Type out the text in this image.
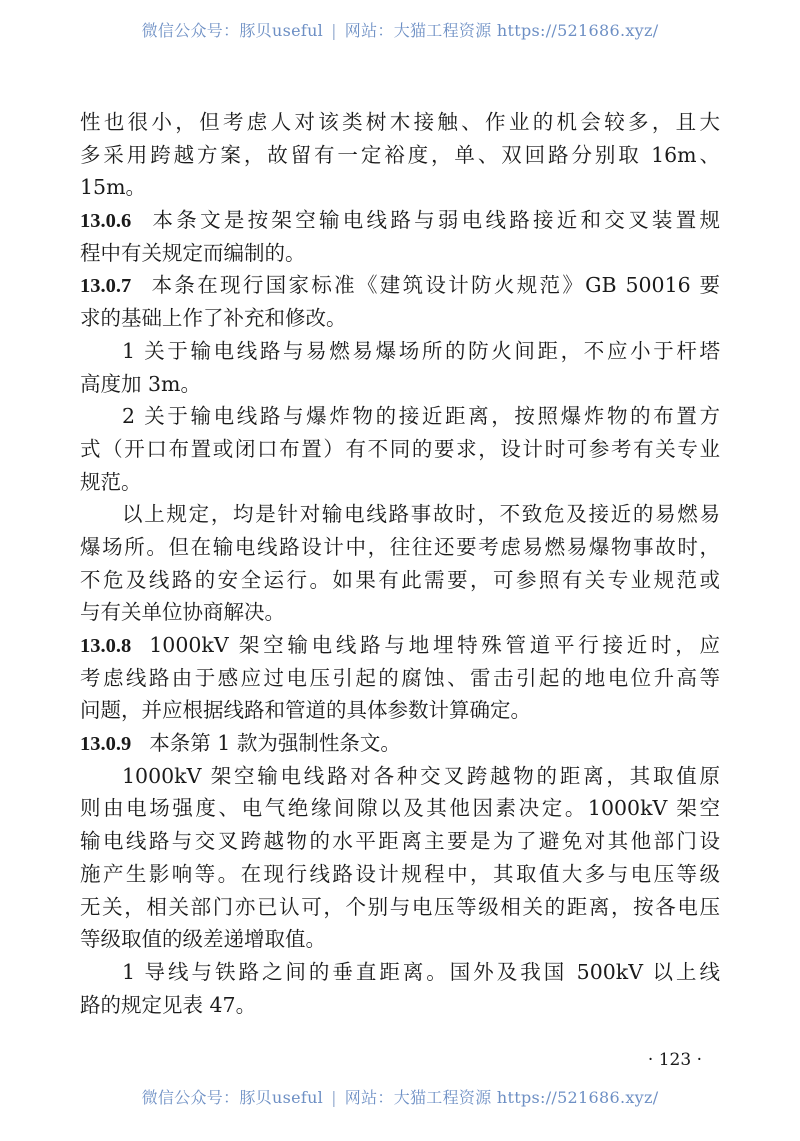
微信公众号：豚贝useful | 网站：大猫工程资源 https://521686.xyz/
性也很小，但考虑人对该类树木接触、作业的机会较多，且大
多采用跨越方案，故留有一定裕度，单、双回路分别取 16m、
15m。
13.0.6 本条文是按架空输电线路与弱电线路接近和交叉装置规
程中有关规定而编制的。
13.0.7 本条在现行国家标准《建筑设计防火规范》GB 50016 要
求的基础上作了补充和修改。
1 关于输电线路与易燃易爆场所的防火间距，不应小于杆塔
高度加 3m。
2 关于输电线路与爆炸物的接近距离，按照爆炸物的布置方
式（开口布置或闭口布置）有不同的要求，设计时可参考有关专业
规范。
以上规定，均是针对输电线路事故时，不致危及接近的易燃易
爆场所。但在输电线路设计中，往往还要考虑易燃易爆物事故时，
不危及线路的安全运行。如果有此需要，可参照有关专业规范或
与有关单位协商解决。
13.0.8 1000kV 架空输电线路与地埋特殊管道平行接近时，应
考虑线路由于感应过电压引起的腐蚀、雷击引起的地电位升高等
问题，并应根据线路和管道的具体参数计算确定。
13.0.9 本条第 1 款为强制性条文。
1000kV 架空输电线路对各种交叉跨越物的距离，其取值原
则由电场强度、电气绝缘间隙以及其他因素决定。1000kV 架空
输电线路与交叉跨越物的水平距离主要是为了避免对其他部门设
施产生影响等。在现行线路设计规程中，其取值大多与电压等级
无关，相关部门亦已认可，个别与电压等级相关的距离，按各电压
等级取值的级差递增取值。
1 导线与铁路之间的垂直距离。国外及我国 500kV 以上线
路的规定见表 47。
· 123 ·
微信公众号：豚贝useful | 网站：大猫工程资源 https://521686.xyz/
